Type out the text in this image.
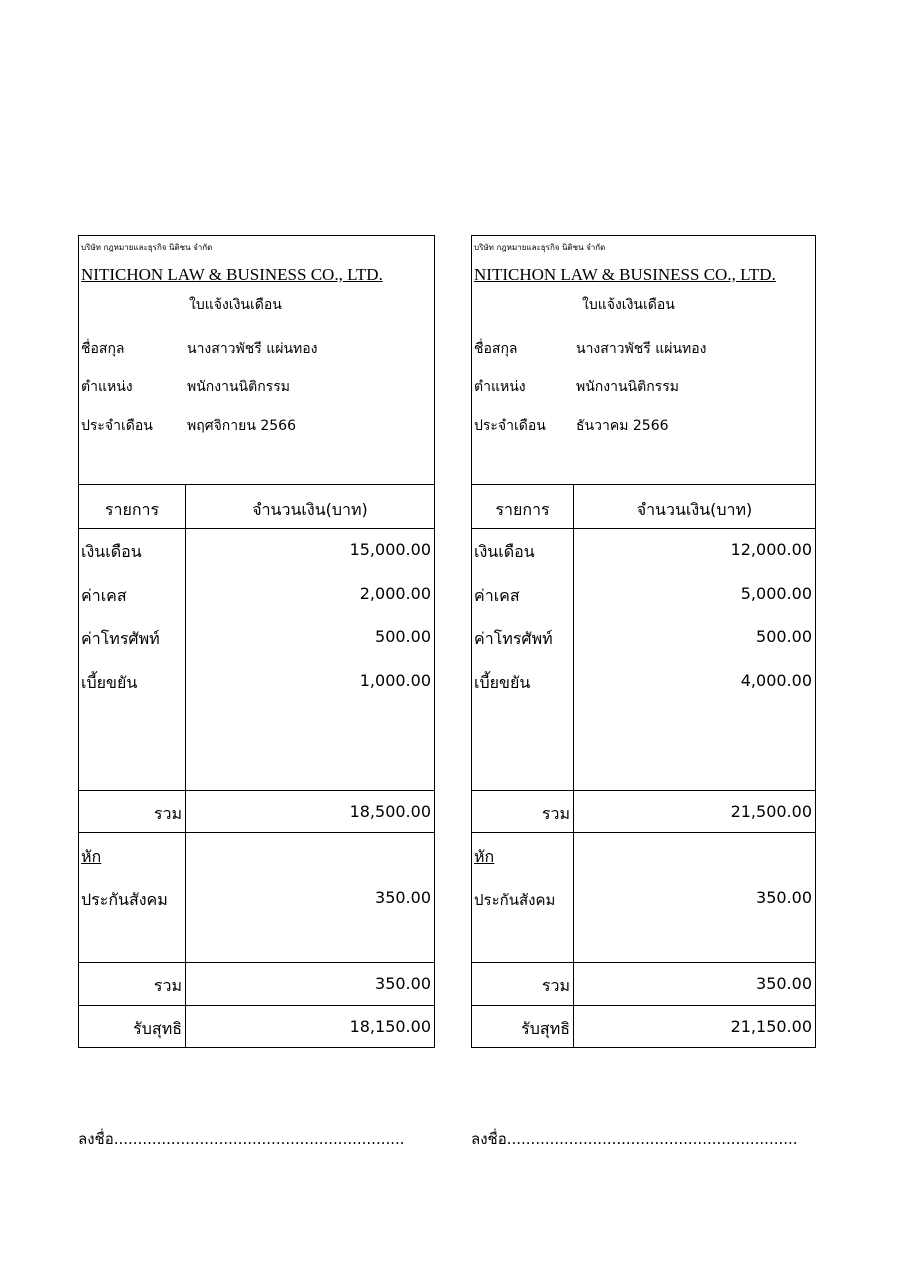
บริษัท กฎหมายและธุรกิจ นิติชน จำกัด
NITICHON LAW & BUSINESS CO., LTD.
ใบแจ้งเงินเดือน
ชื่อสกุล	นางสาวพัชรี แผ่นทอง
ตำแหน่ง	พนักงานนิติกรรม
ประจำเดือน พฤศจิกายน 2566
รายการ	จำนวนเงิน(บาท)
เงินเดือน	15,000.00
ค่าเคส	2,000.00
ค่าโทรศัพท์	500.00
เบี้ยขยัน	1,000.00
รวม	18,500.00
หัก
ประกันสังคม	350.00
รวม	350.00
รับสุทธิ	18,150.00
บริษัท กฎหมายและธุรกิจ นิติชน จำกัด
NITICHON LAW & BUSINESS CO., LTD.
ใบแจ้งเงินเดือน
ชื่อสกุล	นางสาวพัชรี แผ่นทอง
ตำแหน่ง	พนักงานนิติกรรม
ประจำเดือน ธันวาคม 2566
รายการ	จำนวนเงิน(บาท)
เงินเดือน	12,000.00
ค่าเคส	5,000.00
ค่าโทรศัพท์	500.00
เบี้ยขยัน	4,000.00
รวม	21,500.00
หัก
ประกันสังคม	350.00
รวม	350.00
รับสุทธิ	21,150.00
ลงชื่อ.............................................................	ลงชื่อ.............................................................
